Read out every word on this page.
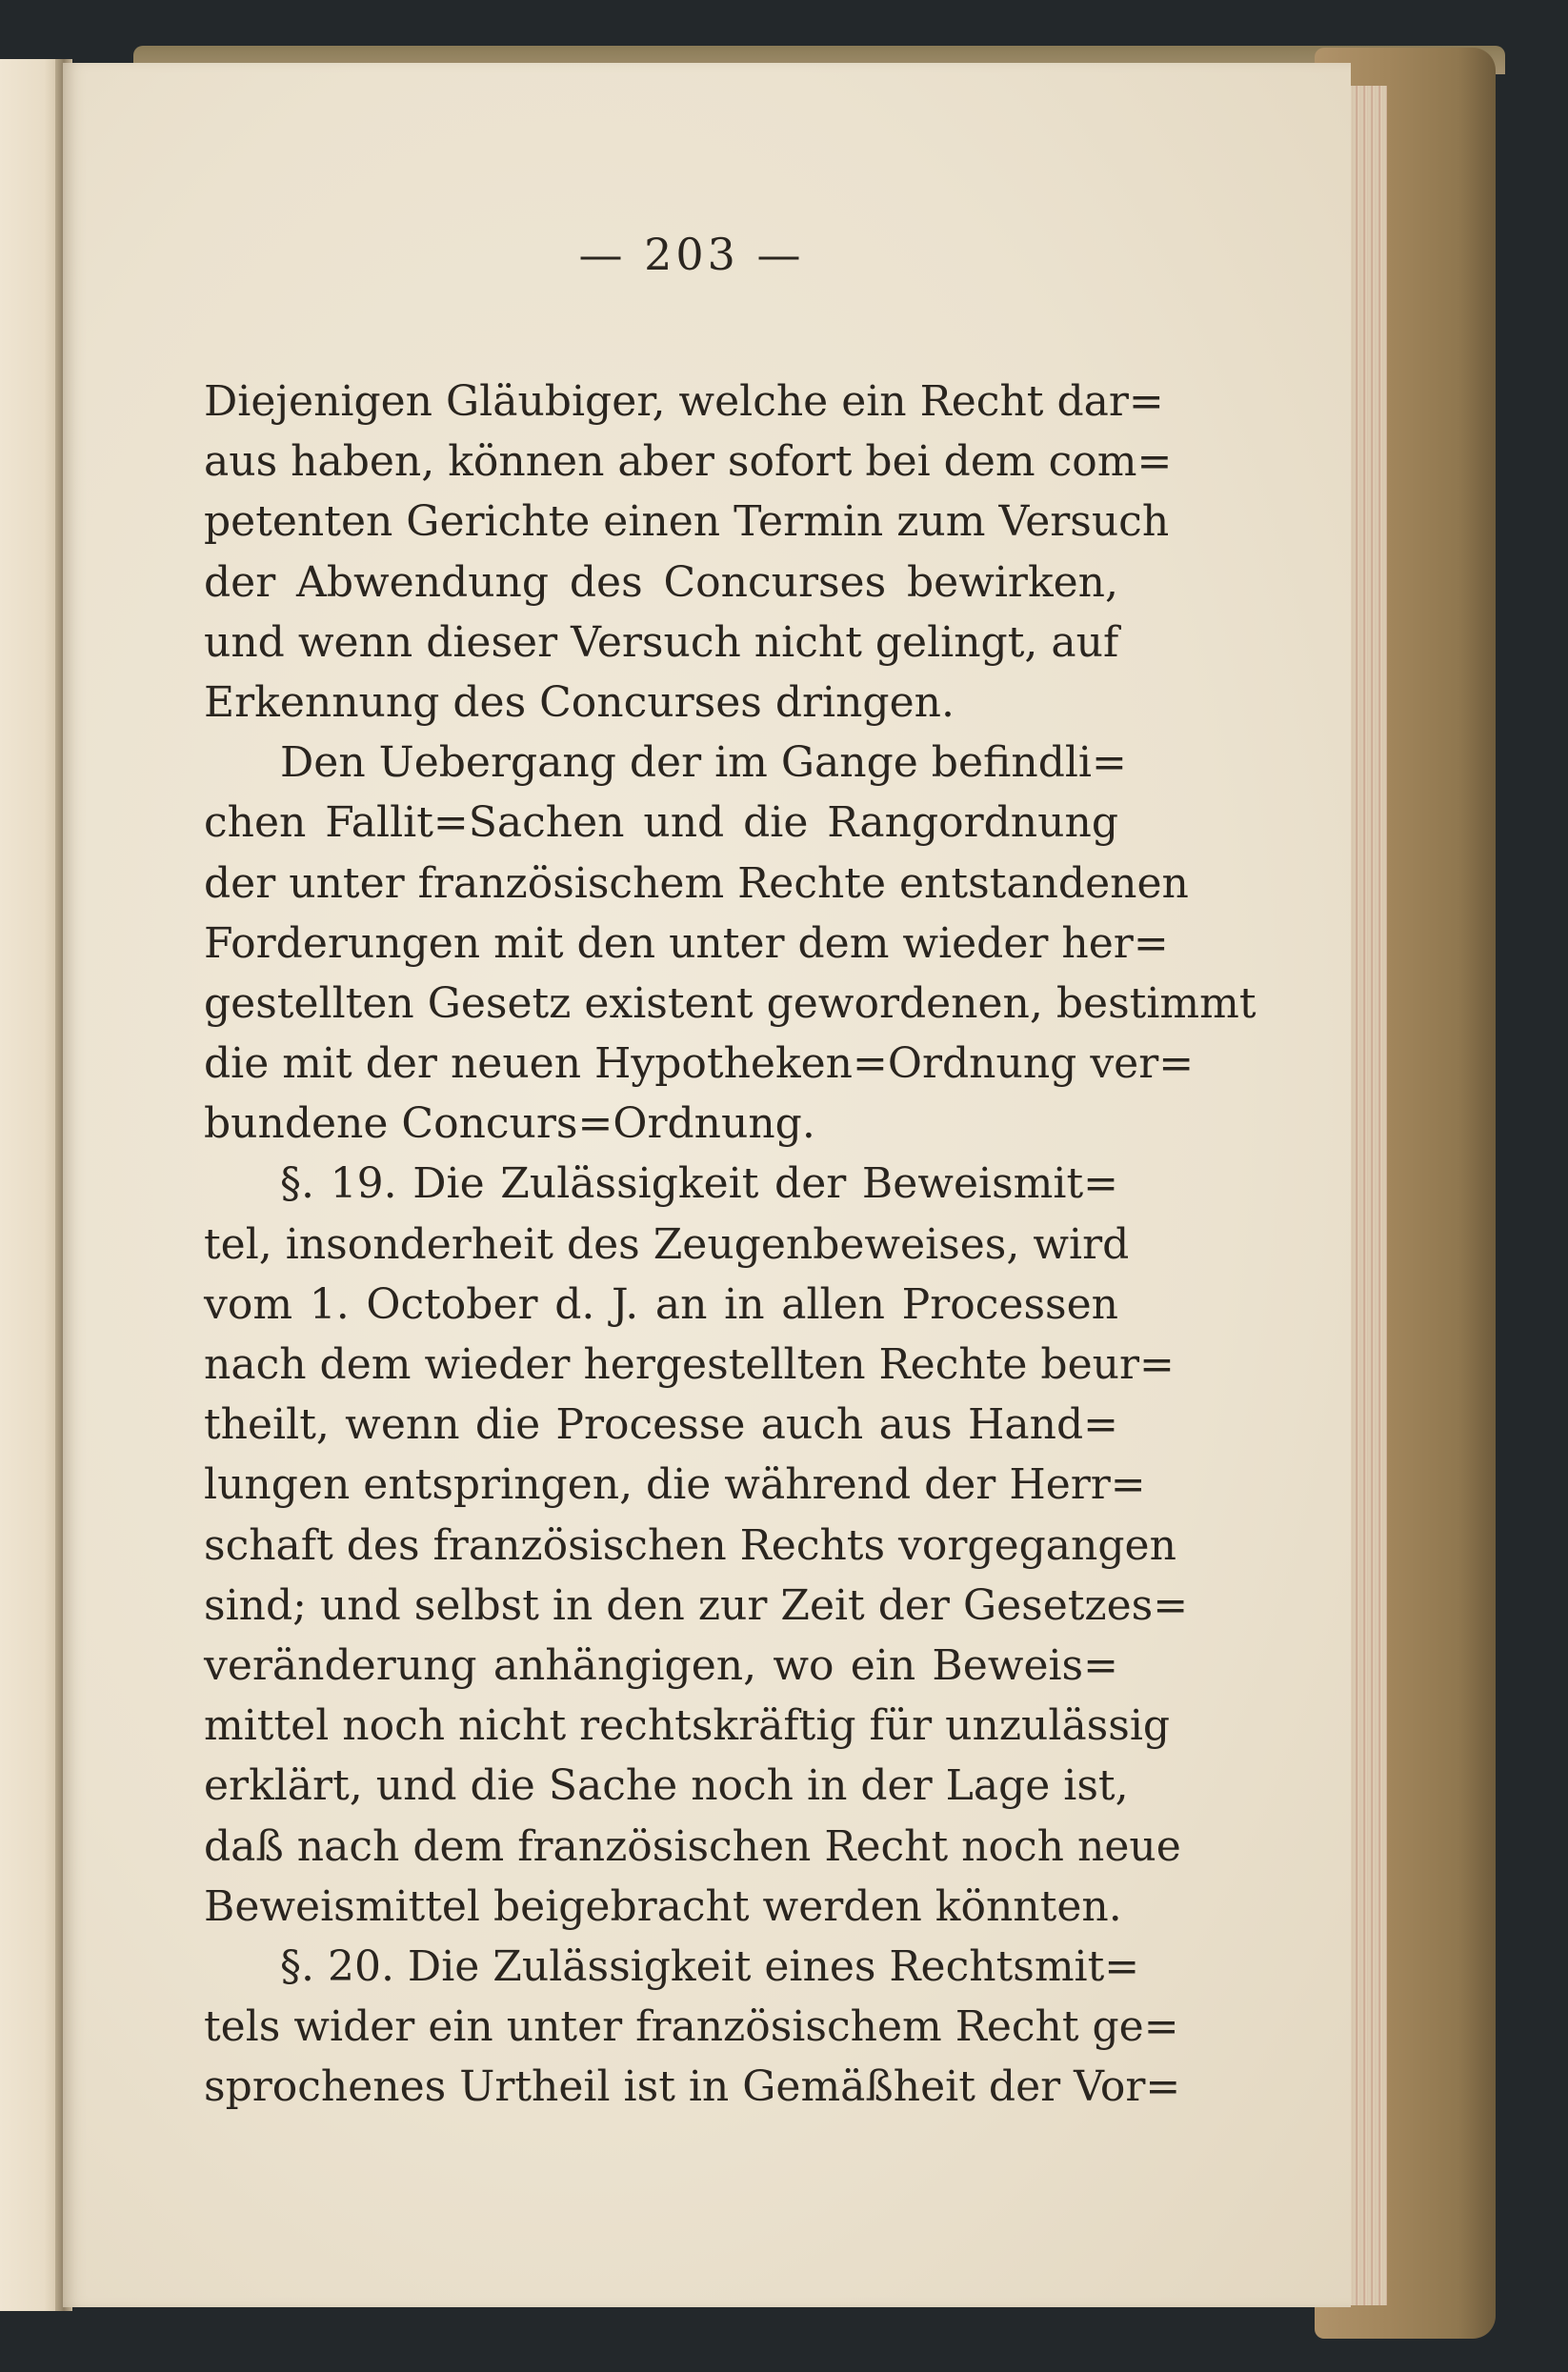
— 203 —
Diejenigen Gläubiger, welche ein Recht dar=
aus haben, können aber sofort bei dem com=
petenten Gerichte einen Termin zum Versuch
der Abwendung des Concurses bewirken,
und wenn dieser Versuch nicht gelingt, auf
Erkennung des Concurses dringen.
Den Uebergang der im Gange befindli=
chen Fallit=Sachen und die Rangordnung
der unter französischem Rechte entstandenen
Forderungen mit den unter dem wieder her=
gestellten Gesetz existent gewordenen, bestimmt
die mit der neuen Hypotheken=Ordnung ver=
bundene Concurs=Ordnung.
§. 19. Die Zulässigkeit der Beweismit=
tel, insonderheit des Zeugenbeweises, wird
vom 1. October d. J. an in allen Processen
nach dem wieder hergestellten Rechte beur=
theilt, wenn die Processe auch aus Hand=
lungen entspringen, die während der Herr=
schaft des französischen Rechts vorgegangen
sind; und selbst in den zur Zeit der Gesetzes=
veränderung anhängigen, wo ein Beweis=
mittel noch nicht rechtskräftig für unzulässig
erklärt, und die Sache noch in der Lage ist,
daß nach dem französischen Recht noch neue
Beweismittel beigebracht werden könnten.
§. 20. Die Zulässigkeit eines Rechtsmit=
tels wider ein unter französischem Recht ge=
sprochenes Urtheil ist in Gemäßheit der Vor=
